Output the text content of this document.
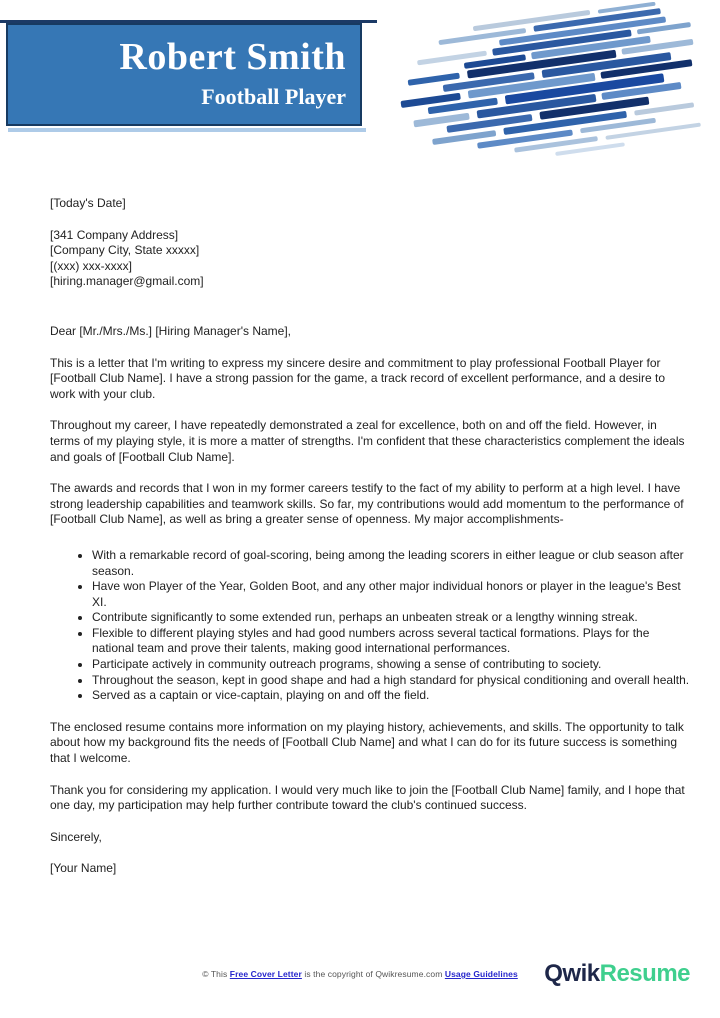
Robert Smith
Football Player

[Today's Date]

[341 Company Address]
[Company City, State xxxxx]
[(xxx) xxx-xxxx]
[hiring.manager@gmail.com]

Dear [Mr./Mrs./Ms.] [Hiring Manager's Name],

This is a letter that I'm writing to express my sincere desire and commitment to play professional Football Player for [Football Club Name]. I have a strong passion for the game, a track record of excellent performance, and a desire to work with your club.

Throughout my career, I have repeatedly demonstrated a zeal for excellence, both on and off the field. However, in terms of my playing style, it is more a matter of strengths. I'm confident that these characteristics complement the ideals and goals of [Football Club Name].

The awards and records that I won in my former careers testify to the fact of my ability to perform at a high level. I have strong leadership capabilities and teamwork skills. So far, my contributions would add momentum to the performance of [Football Club Name], as well as bring a greater sense of openness. My major accomplishments-

• With a remarkable record of goal-scoring, being among the leading scorers in either league or club season after season.
• Have won Player of the Year, Golden Boot, and any other major individual honors or player in the league's Best XI.
• Contribute significantly to some extended run, perhaps an unbeaten streak or a lengthy winning streak.
• Flexible to different playing styles and had good numbers across several tactical formations. Plays for the national team and prove their talents, making good international performances.
• Participate actively in community outreach programs, showing a sense of contributing to society.
• Throughout the season, kept in good shape and had a high standard for physical conditioning and overall health.
• Served as a captain or vice-captain, playing on and off the field.

The enclosed resume contains more information on my playing history, achievements, and skills. The opportunity to talk about how my background fits the needs of [Football Club Name] and what I can do for its future success is something that I welcome.

Thank you for considering my application. I would very much like to join the [Football Club Name] family, and I hope that one day, my participation may help further contribute toward the club's continued success.

Sincerely,

[Your Name]

© This Free Cover Letter is the copyright of Qwikresume.com Usage Guidelines	QwikResume
